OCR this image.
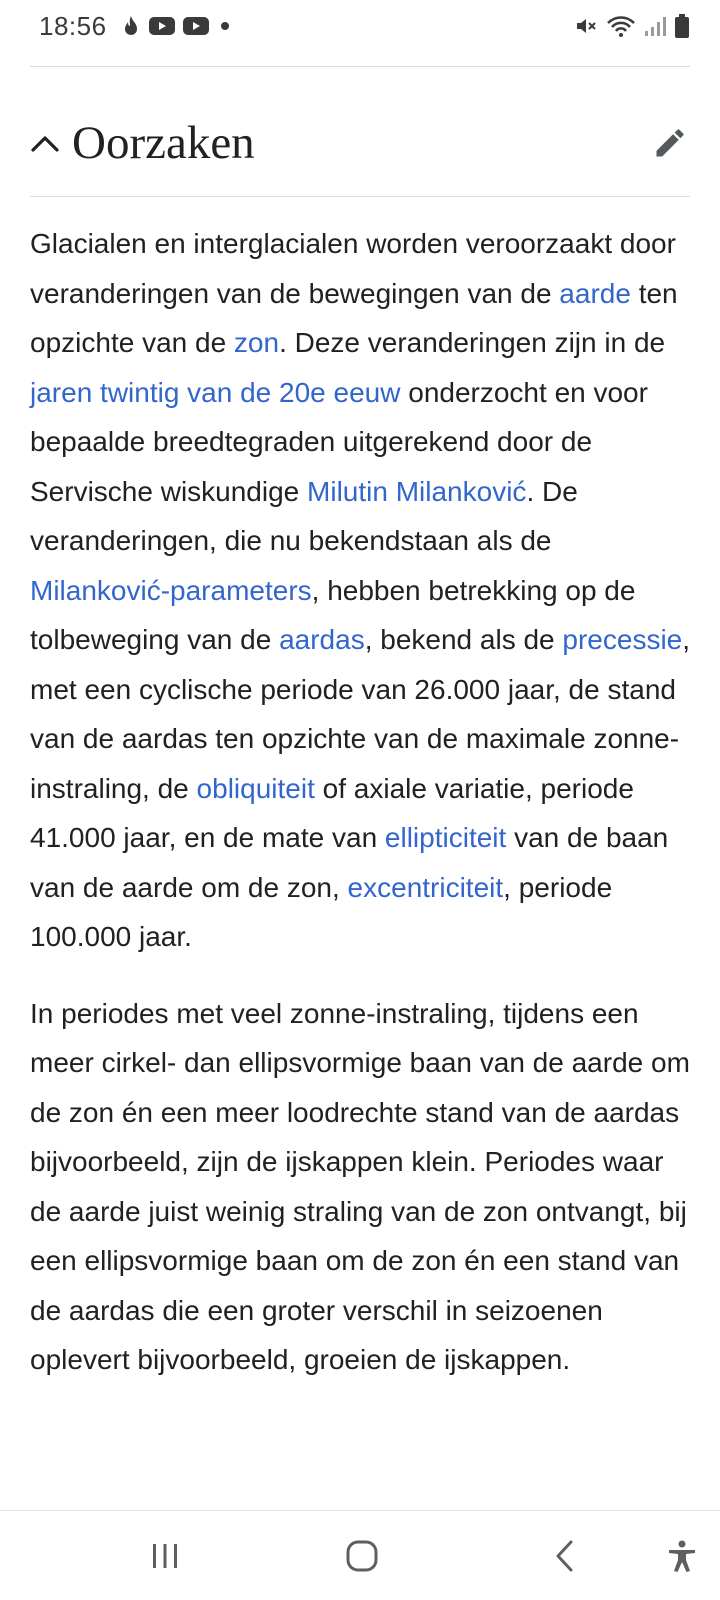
18:56
Oorzaken

Glacialen en interglacialen worden veroorzaakt door veranderingen van de bewegingen van de aarde ten opzichte van de zon. Deze veranderingen zijn in de jaren twintig van de 20e eeuw onderzocht en voor bepaalde breedtegraden uitgerekend door de Servische wiskundige Milutin Milanković. De veranderingen, die nu bekendstaan als de Milanković-parameters, hebben betrekking op de tolbeweging van de aardas, bekend als de precessie, met een cyclische periode van 26.000 jaar, de stand van de aardas ten opzichte van de maximale zonne-instraling, de obliquiteit of axiale variatie, periode 41.000 jaar, en de mate van ellipticiteit van de baan van de aarde om de zon, excentriciteit, periode 100.000 jaar.

In periodes met veel zonne-instraling, tijdens een meer cirkel- dan ellipsvormige baan van de aarde om de zon én een meer loodrechte stand van de aardas bijvoorbeeld, zijn de ijskappen klein. Periodes waar de aarde juist weinig straling van de zon ontvangt, bij een ellipsvormige baan om de zon én een stand van de aardas die een groter verschil in seizoenen oplevert bijvoorbeeld, groeien de ijskappen.
